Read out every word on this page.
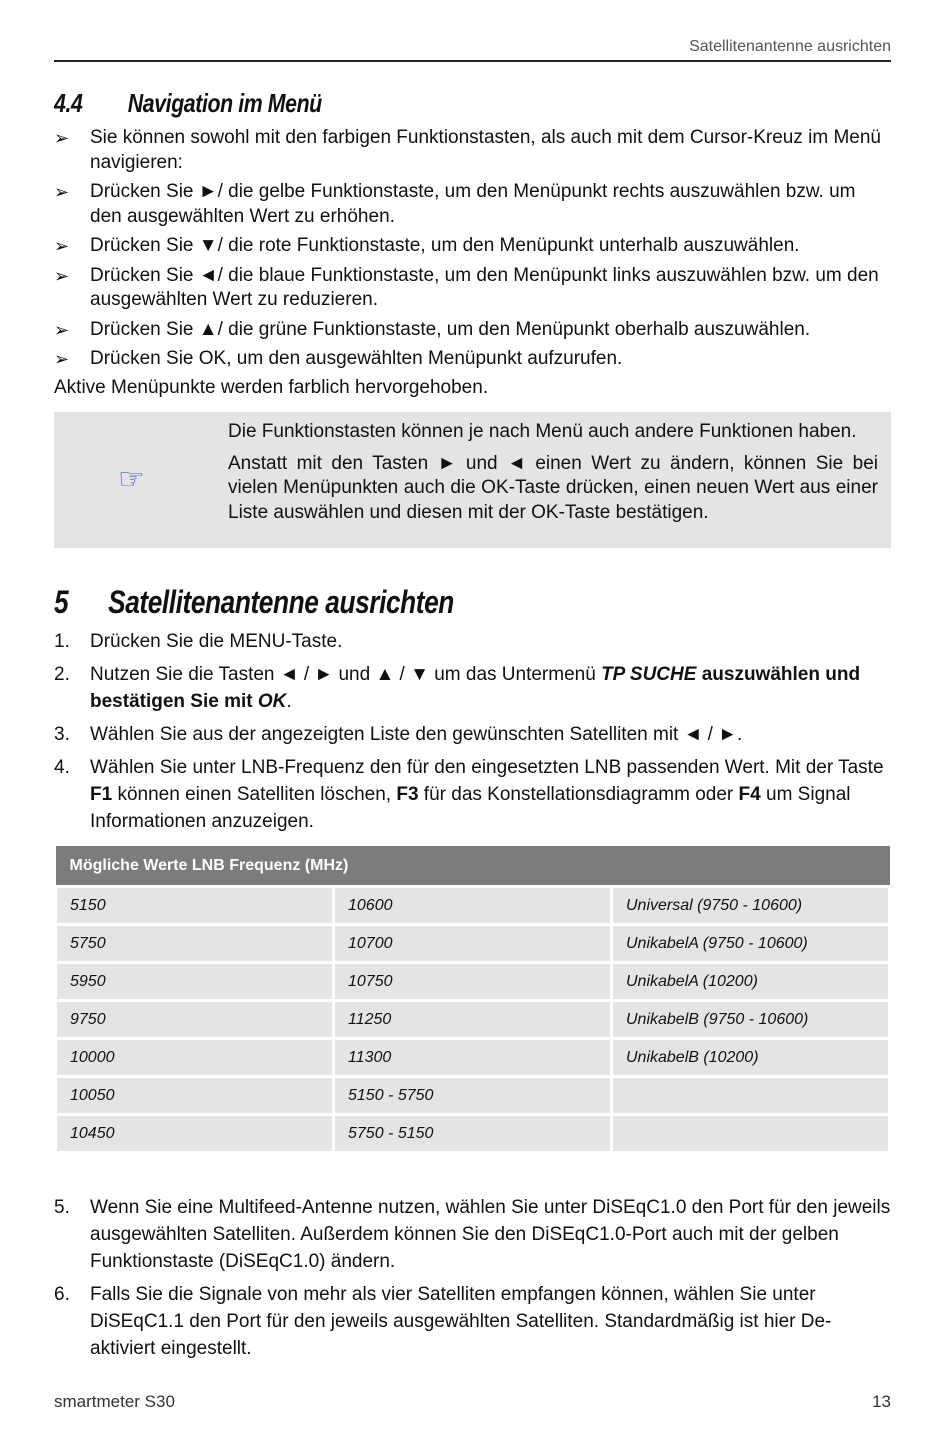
Satellitenantenne ausrichten
4.4 Navigation im Menü
➢ Sie können sowohl mit den farbigen Funktionstasten, als auch mit dem Cursor-Kreuz im Menü navigieren:
➢ Drücken Sie ►/ die gelbe Funktionstaste, um den Menüpunkt rechts auszuwählen bzw. um den ausgewählten Wert zu erhöhen.
➢ Drücken Sie ▼/ die rote Funktionstaste, um den Menüpunkt unterhalb auszuwählen.
➢ Drücken Sie ◄/ die blaue Funktionstaste, um den Menüpunkt links auszuwählen bzw. um den ausgewählten Wert zu reduzieren.
➢ Drücken Sie ▲/ die grüne Funktionstaste, um den Menüpunkt oberhalb auszuwählen.
➢ Drücken Sie OK, um den ausgewählten Menüpunkt aufzurufen.
Aktive Menüpunkte werden farblich hervorgehoben.
☞

Die Funktionstasten können je nach Menü auch andere Funktionen haben.

Anstatt mit den Tasten ► und ◄ einen Wert zu ändern, können Sie bei vielen Menüpunkten auch die OK-Taste drücken, einen neuen Wert aus einer Liste auswählen und diesen mit der OK-Taste bestätigen.

5 Satellitenantenne ausrichten
1. Drücken Sie die MENU-Taste.
2. Nutzen Sie die Tasten ◄ / ► und ▲ / ▼ um das Untermenü TP SUCHE auszuwählen und bestätigen Sie mit OK.
3. Wählen Sie aus der angezeigten Liste den gewünschten Satelliten mit ◄ / ►.
4. Wählen Sie unter LNB-Frequenz den für den eingesetzten LNB passenden Wert. Mit der Taste F1 können einen Satelliten löschen, F3 für das Konstellationsdiagramm oder F4 um Signal Informationen anzuzeigen.
Mögliche Werte LNB Frequenz (MHz)		
5150	10600	Universal (9750 - 10600)
5750	10700	UnikabelA (9750 - 10600)
5950	10750	UnikabelA (10200)
9750	11250	UnikabelB (9750 - 10600)
10000	11300	UnikabelB (10200)
10050	5150 - 5750	
10450	5750 - 5150	
5. Wenn Sie eine Multifeed-Antenne nutzen, wählen Sie unter DiSEqC1.0 den Port für den jeweils ausgewählten Satelliten. Außerdem können Sie den DiSEqC1.0-Port auch mit der gelben Funktionstaste (DiSEqC1.0) ändern.
6. Falls Sie die Signale von mehr als vier Satelliten empfangen können, wählen Sie unter DiSEqC1.1 den Port für den jeweils ausgewählten Satelliten. Standardmäßig ist hier De-aktiviert eingestellt.
smartmeter S30	13
